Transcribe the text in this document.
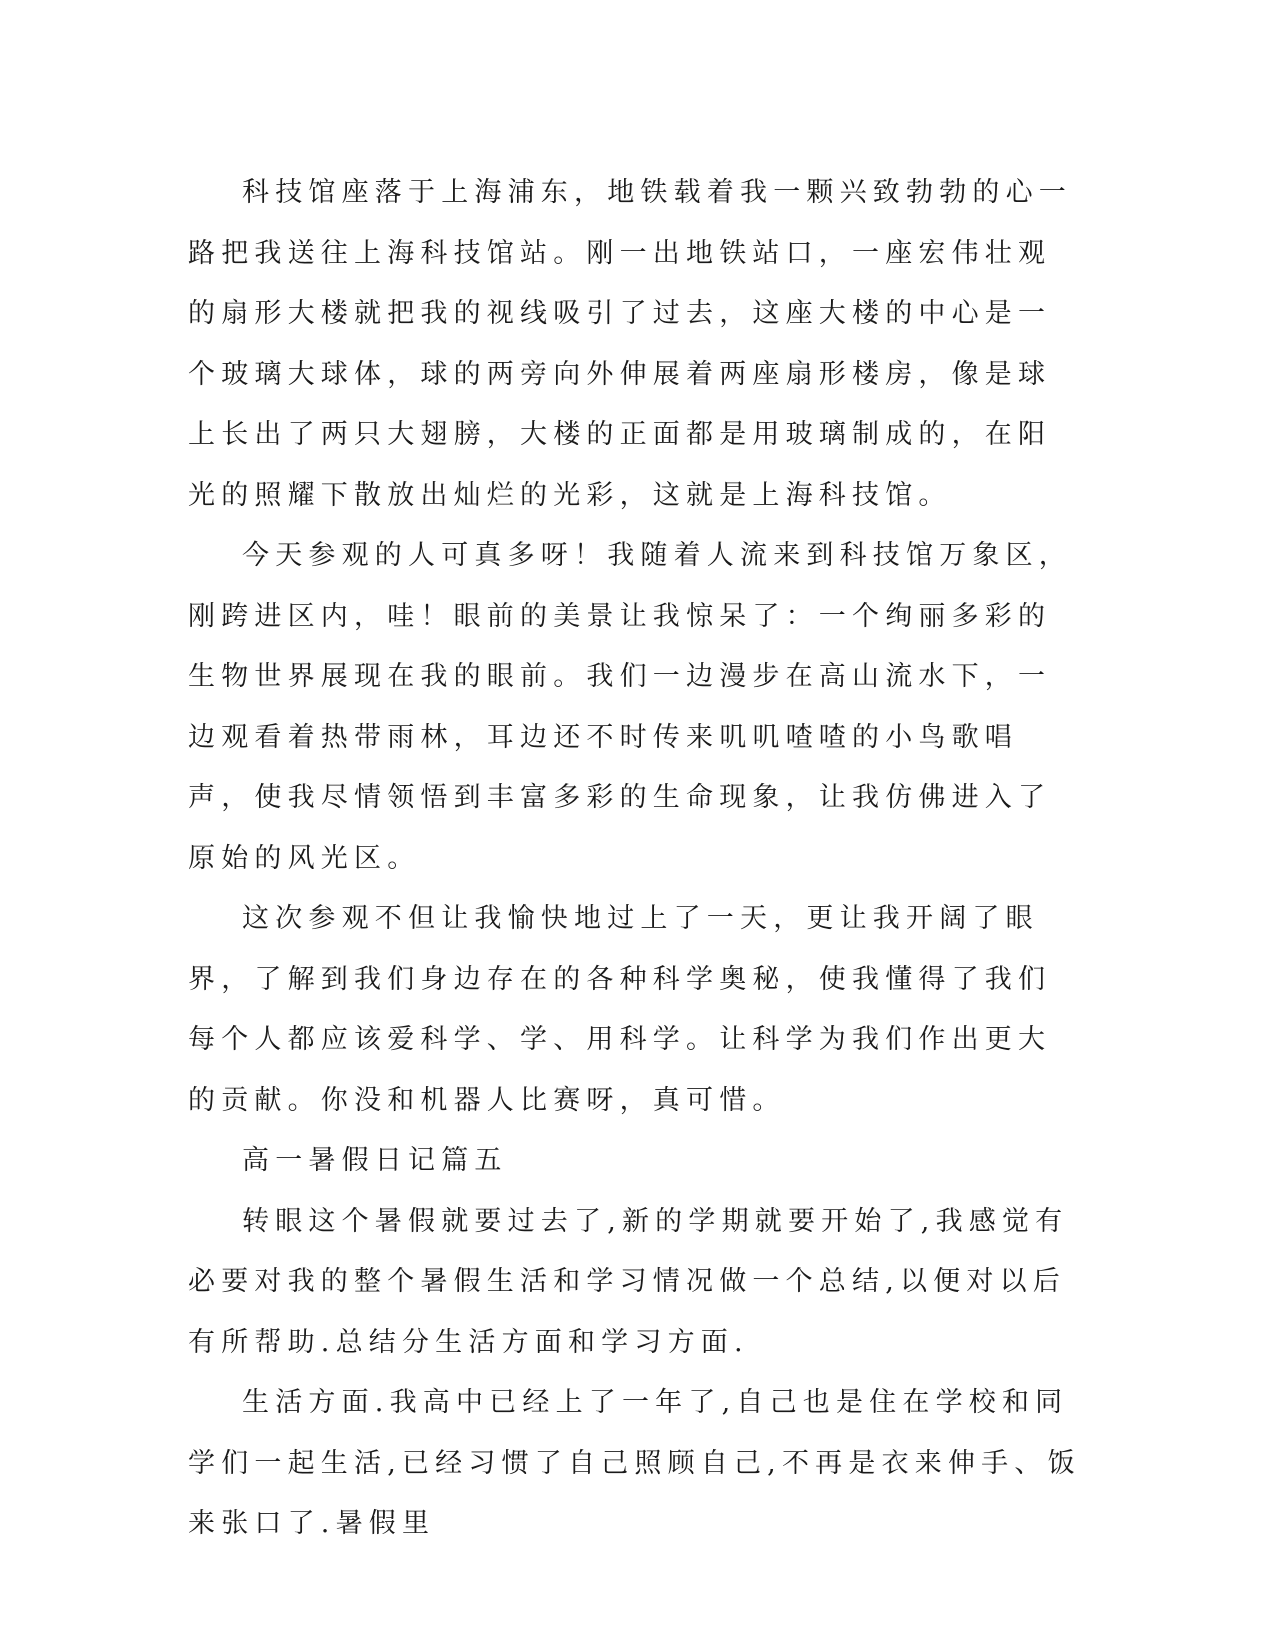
科技馆座落于上海浦东，地铁载着我一颗兴致勃勃的心一路把我送往上海科技馆站。刚一出地铁站口，一座宏伟壮观的扇形大楼就把我的视线吸引了过去，这座大楼的中心是一个玻璃大球体，球的两旁向外伸展着两座扇形楼房，像是球上长出了两只大翅膀，大楼的正面都是用玻璃制成的，在阳光的照耀下散放出灿烂的光彩，这就是上海科技馆。

今天参观的人可真多呀！我随着人流来到科技馆万象区，刚跨进区内，哇！眼前的美景让我惊呆了：一个绚丽多彩的生物世界展现在我的眼前。我们一边漫步在高山流水下，一边观看着热带雨林，耳边还不时传来叽叽喳喳的小鸟歌唱声，使我尽情领悟到丰富多彩的生命现象，让我仿佛进入了原始的风光区。

这次参观不但让我愉快地过上了一天，更让我开阔了眼界，了解到我们身边存在的各种科学奥秘，使我懂得了我们每个人都应该爱科学、学、用科学。让科学为我们作出更大的贡献。你没和机器人比赛呀，真可惜。

高一暑假日记篇五

转眼这个暑假就要过去了,新的学期就要开始了,我感觉有必要对我的整个暑假生活和学习情况做一个总结,以便对以后有所帮助.总结分生活方面和学习方面.

生活方面.我高中已经上了一年了,自己也是住在学校和同学们一起生活,已经习惯了自己照顾自己,不再是衣来伸手、饭来张口了.暑假里
